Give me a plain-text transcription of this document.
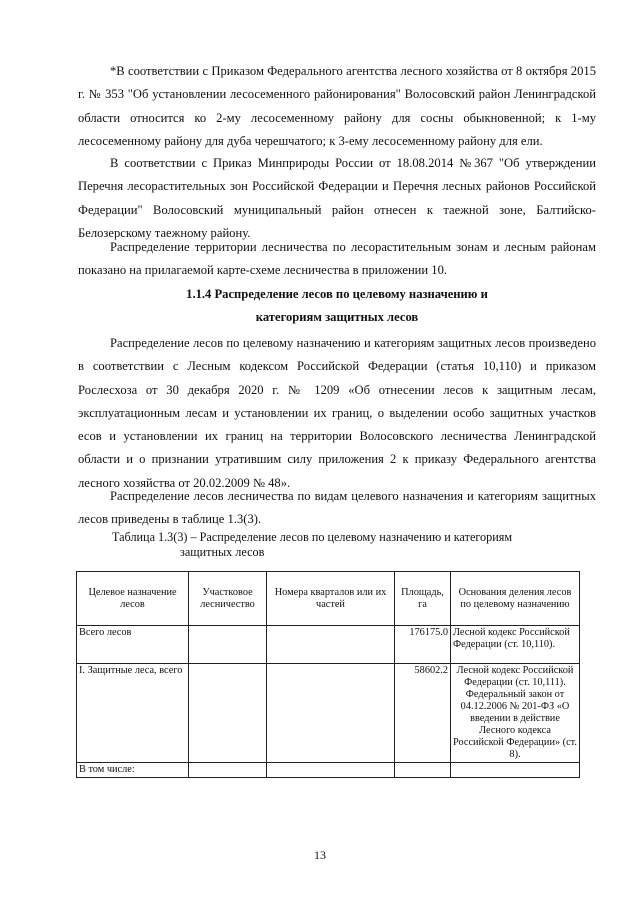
*В соответствии с Приказом Федерального агентства лесного хозяйства от 8 октября 2015 г. № 353 "Об установлении лесосеменного районирования" Волосовский район Ленинградской области относится ко 2-му лесосеменному району для сосны обыкновенной; к 1-му лесосеменному району для дуба черешчатого; к 3-ему лесосеменному району для ели.

В соответствии с Приказ Минприроды России от 18.08.2014 №367 "Об утверждении Перечня лесорастительных зон Российской Федерации и Перечня лесных районов Российской Федерации" Волосовский муниципальный район отнесен к таежной зоне, Балтийско-Белозерскому таежному району.

Распределение территории лесничества по лесорастительным зонам и лесным районам показано на прилагаемой карте-схеме лесничества в приложении 10.

1.1.4 Распределение лесов по целевому назначению и

категориям защитных лесов

Распределение лесов по целевому назначению и категориям защитных лесов произведено в соответствии с Лесным кодексом Российской Федерации (статья 10,110) и приказом Рослесхоза от 30 декабря 2020 г. № 1209 «Об отнесении лесов к защитным лесам, эксплуатационным лесам и установлении их границ, о выделении особо защитных участков есов и установлении их границ на территории Волосовского лесничества Ленинградской области и о признании утратившим силу приложения 2 к приказу Федерального агентства лесного хозяйства от 20.02.2009 № 48».

Распределение лесов лесничества по видам целевого назначения и категориям защитных лесов приведены в таблице 1.3(3).

Таблица 1.3(3) – Распределение лесов по целевому назначению и категориям
защитных лесов

Целевое назначение лесов	Участковое лесничество	Номера кварталов или их частей	Площадь, га	Основания деления лесов по целевому назначению
Всего лесов			176175.0	Лесной кодекс Российской Федерации (ст. 10,110).
I. Защитные леса, всего			58602.2	Лесной кодекс Российской Федерации (ст. 10,111). Федеральный закон от 04.12.2006 № 201-ФЗ «О введении в действие Лесного кодекса Российской Федерации» (ст. 8).
В том числе:				
13
